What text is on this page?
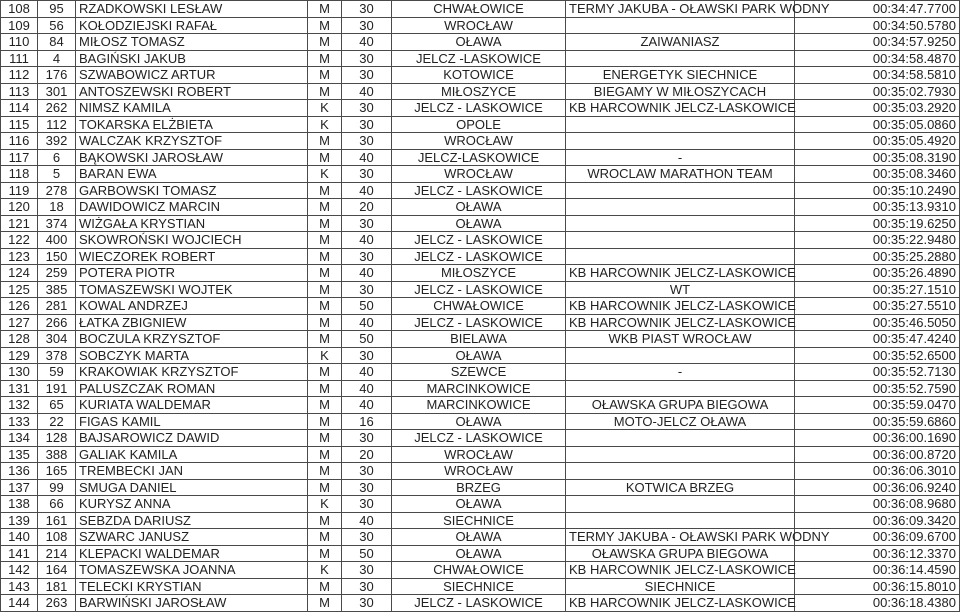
108	95	RZADKOWSKI LESŁAW	M	30	CHWAŁOWICE	TERMY JAKUBA - OŁAWSKI PARK WODNY	00:34:47.7700
109	56	KOŁODZIEJSKI RAFAŁ	M	30	WROCŁAW		00:34:50.5780
110	84	MIŁOSZ TOMASZ	M	40	OŁAWA	ZAIWANIASZ	00:34:57.9250
111	4	BAGIŃSKI JAKUB	M	30	JELCZ -LASKOWICE		00:34:58.4870
112	176	SZWABOWICZ ARTUR	M	30	KOTOWICE	ENERGETYK SIECHNICE	00:34:58.5810
113	301	ANTOSZEWSKI ROBERT	M	40	MIŁOSZYCE	BIEGAMY W MIŁOSZYCACH	00:35:02.7930
114	262	NIMSZ KAMILA	K	30	JELCZ - LASKOWICE	KB HARCOWNIK JELCZ-LASKOWICE	00:35:03.2920
115	112	TOKARSKA ELŻBIETA	K	30	OPOLE		00:35:05.0860
116	392	WALCZAK KRZYSZTOF	M	30	WROCŁAW		00:35:05.4920
117	6	BĄKOWSKI JAROSŁAW	M	40	JELCZ-LASKOWICE	-	00:35:08.3190
118	5	BARAN EWA	K	30	WROCŁAW	WROCLAW MARATHON TEAM	00:35:08.3460
119	278	GARBOWSKI TOMASZ	M	40	JELCZ - LASKOWICE		00:35:10.2490
120	18	DAWIDOWICZ MARCIN	M	20	OŁAWA		00:35:13.9310
121	374	WIŻGAŁA KRYSTIAN	M	30	OŁAWA		00:35:19.6250
122	400	SKOWROŃSKI WOJCIECH	M	40	JELCZ - LASKOWICE		00:35:22.9480
123	150	WIECZOREK ROBERT	M	30	JELCZ - LASKOWICE		00:35:25.2880
124	259	POTERA PIOTR	M	40	MIŁOSZYCE	KB HARCOWNIK JELCZ-LASKOWICE	00:35:26.4890
125	385	TOMASZEWSKI WOJTEK	M	30	JELCZ - LASKOWICE	WT	00:35:27.1510
126	281	KOWAL ANDRZEJ	M	50	CHWAŁOWICE	KB HARCOWNIK JELCZ-LASKOWICE	00:35:27.5510
127	266	ŁATKA ZBIGNIEW	M	40	JELCZ - LASKOWICE	KB HARCOWNIK JELCZ-LASKOWICE	00:35:46.5050
128	304	BOCZULA KRZYSZTOF	M	50	BIELAWA	WKB PIAST WROCŁAW	00:35:47.4240
129	378	SOBCZYK MARTA	K	30	OŁAWA		00:35:52.6500
130	59	KRAKOWIAK KRZYSZTOF	M	40	SZEWCE	-	00:35:52.7130
131	191	PALUSZCZAK ROMAN	M	40	MARCINKOWICE		00:35:52.7590
132	65	KURIATA WALDEMAR	M	40	MARCINKOWICE	OŁAWSKA GRUPA BIEGOWA	00:35:59.0470
133	22	FIGAS KAMIL	M	16	OŁAWA	MOTO-JELCZ OŁAWA	00:35:59.6860
134	128	BAJSAROWICZ DAWID	M	30	JELCZ - LASKOWICE		00:36:00.1690
135	388	GALIAK KAMILA	M	20	WROCŁAW		00:36:00.8720
136	165	TREMBECKI JAN	M	30	WROCŁAW		00:36:06.3010
137	99	SMUGA DANIEL	M	30	BRZEG	KOTWICA BRZEG	00:36:06.9240
138	66	KURYSZ ANNA	K	30	OŁAWA		00:36:08.9680
139	161	SEBZDA DARIUSZ	M	40	SIECHNICE		00:36:09.3420
140	108	SZWARC JANUSZ	M	30	OŁAWA	TERMY JAKUBA - OŁAWSKI PARK WODNY	00:36:09.6700
141	214	KLEPACKI WALDEMAR	M	50	OŁAWA	OŁAWSKA GRUPA BIEGOWA	00:36:12.3370
142	164	TOMASZEWSKA JOANNA	K	30	CHWAŁOWICE	KB HARCOWNIK JELCZ-LASKOWICE	00:36:14.4590
143	181	TELECKI KRYSTIAN	M	30	SIECHNICE	SIECHNICE	00:36:15.8010
144	263	BARWIŃSKI JAROSŁAW	M	30	JELCZ - LASKOWICE	KB HARCOWNIK JELCZ-LASKOWICE	00:36:18.4380
